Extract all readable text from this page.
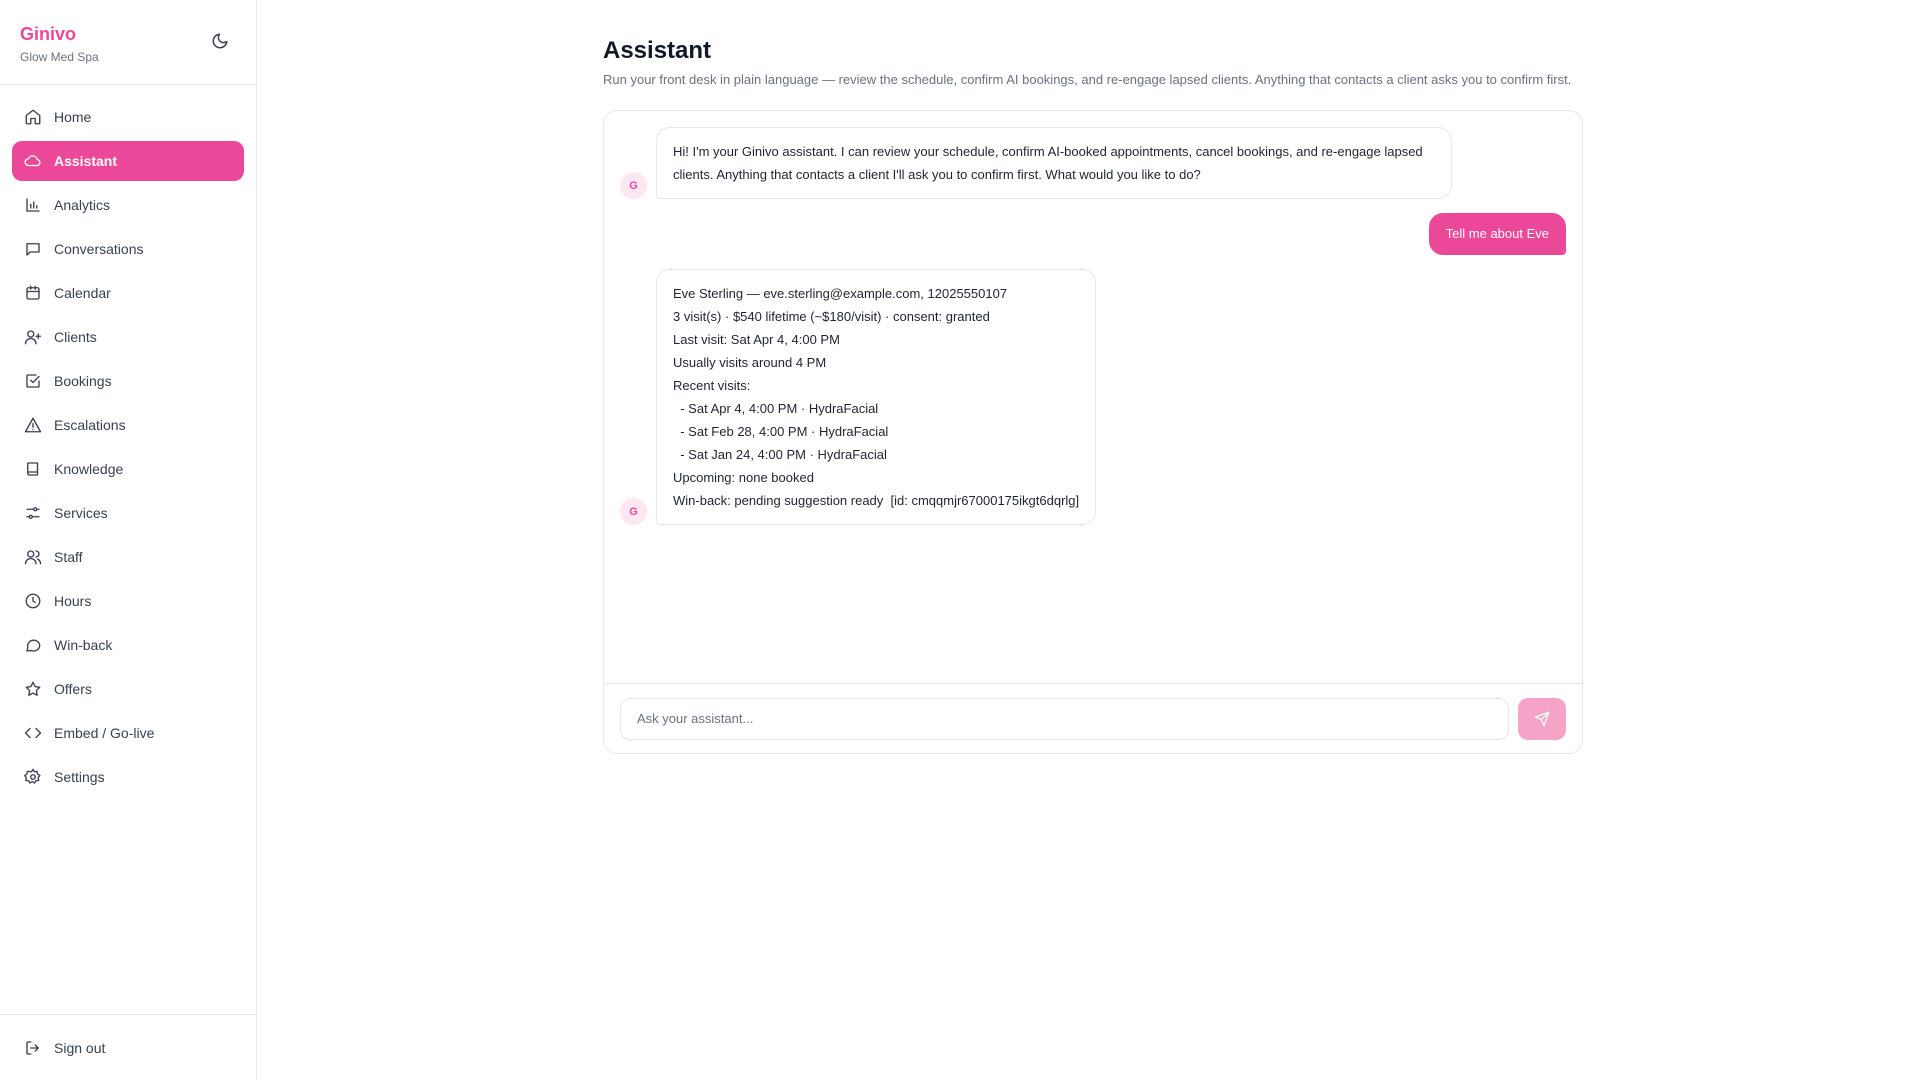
Ginivo
Glow Med Spa
Home
Assistant
Analytics
Conversations
Calendar
Clients
Bookings
Escalations
Knowledge
Services
Staff
Hours
Win-back
Offers
Embed / Go-live
Settings
Sign out
Assistant

Run your front desk in plain language — review the schedule, confirm AI bookings, and re-engage lapsed clients. Anything that contacts a client asks you to confirm first.

G
Hi! I'm your Ginivo assistant. I can review your schedule, confirm AI-booked appointments, cancel bookings, and re-engage lapsed clients. Anything that contacts a client I'll ask you to confirm first. What would you like to do?
Tell me about Eve
G
Eve Sterling — eve.sterling@example.com, 12025550107
3 visit(s) · $540 lifetime (~$180/visit) · consent: granted
Last visit: Sat Apr 4, 4:00 PM
Usually visits around 4 PM
Recent visits:
- Sat Apr 4, 4:00 PM · HydraFacial
- Sat Feb 28, 4:00 PM · HydraFacial
- Sat Jan 24, 4:00 PM · HydraFacial
Upcoming: none booked
Win-back: pending suggestion ready  [id: cmqqmjr67000175ikgt6dqrlg]
Ask your assistant...
